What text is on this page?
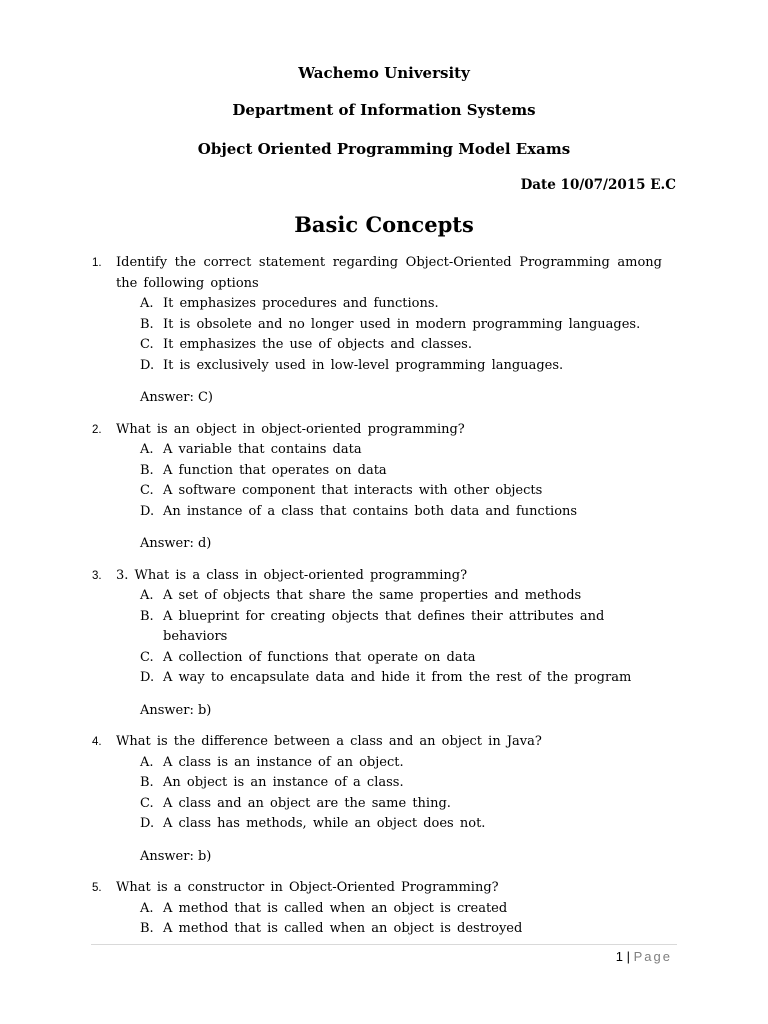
Wachemo University
Department of Information Systems
Object Oriented Programming Model Exams
Date 10/07/2015 E.C
Basic Concepts
1.	Identify the correct statement regarding Object-Oriented Programming among the following options
A. It emphasizes procedures and functions.
B. It is obsolete and no longer used in modern programming languages.
C. It emphasizes the use of objects and classes.
D. It is exclusively used in low-level programming languages.
Answer: C)
2.	What is an object in object-oriented programming?
A. A variable that contains data
B. A function that operates on data
C. A software component that interacts with other objects
D. An instance of a class that contains both data and functions
Answer: d)
3.	3. What is a class in object-oriented programming?
A. A set of objects that share the same properties and methods
B. A blueprint for creating objects that defines their attributes and behaviors
C. A collection of functions that operate on data
D. A way to encapsulate data and hide it from the rest of the program
Answer: b)
4.	What is the difference between a class and an object in Java?
A. A class is an instance of an object.
B. An object is an instance of a class.
C. A class and an object are the same thing.
D. A class has methods, while an object does not.
Answer: b)
5.	What is a constructor in Object-Oriented Programming?
A. A method that is called when an object is created
B. A method that is called when an object is destroyed
1 | Page
